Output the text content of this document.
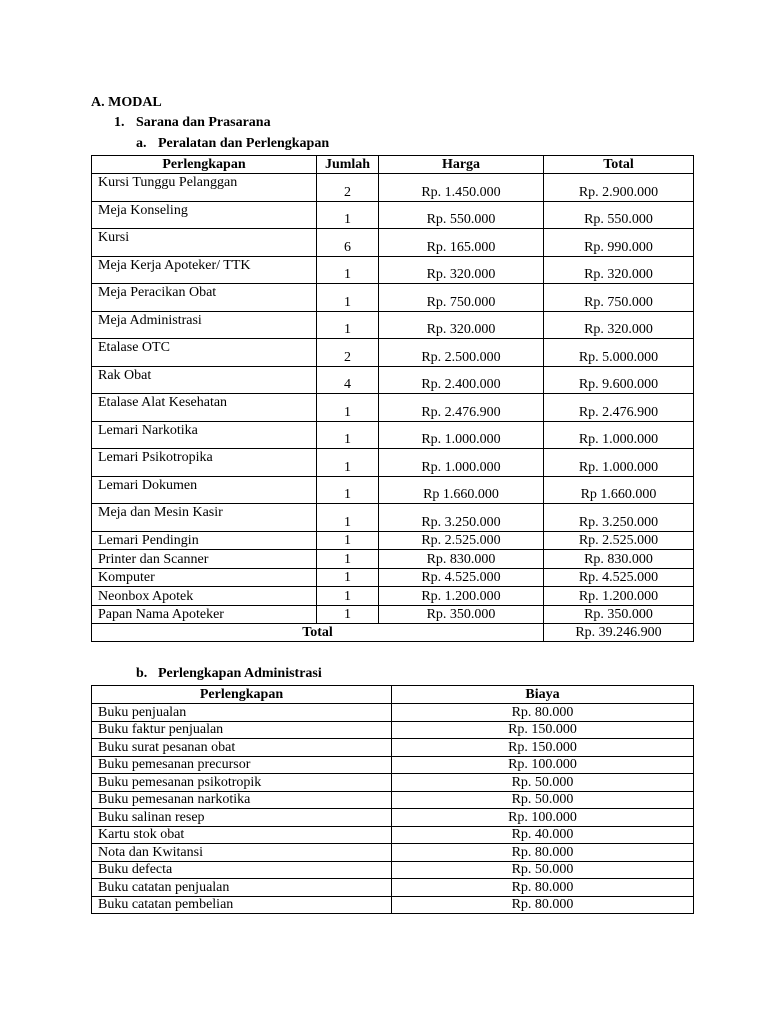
A. MODAL
1. Sarana dan Prasarana
a. Peralatan dan Perlengkapan
Perlengkapan	Jumlah	Harga	Total
Kursi Tunggu Pelanggan	2	Rp. 1.450.000	Rp. 2.900.000
Meja Konseling	1	Rp. 550.000	Rp. 550.000
Kursi	6	Rp. 165.000	Rp. 990.000
Meja Kerja Apoteker/ TTK	1	Rp. 320.000	Rp. 320.000
Meja Peracikan Obat	1	Rp. 750.000	Rp. 750.000
Meja Administrasi	1	Rp. 320.000	Rp. 320.000
Etalase OTC	2	Rp. 2.500.000	Rp. 5.000.000
Rak Obat	4	Rp. 2.400.000	Rp. 9.600.000
Etalase Alat Kesehatan	1	Rp. 2.476.900	Rp. 2.476.900
Lemari Narkotika	1	Rp. 1.000.000	Rp. 1.000.000
Lemari Psikotropika	1	Rp. 1.000.000	Rp. 1.000.000
Lemari Dokumen	1	Rp 1.660.000	Rp 1.660.000
Meja dan Mesin Kasir	1	Rp. 3.250.000	Rp. 3.250.000
Lemari Pendingin	1	Rp. 2.525.000	Rp. 2.525.000
Printer dan Scanner	1	Rp. 830.000	Rp. 830.000
Komputer	1	Rp. 4.525.000	Rp. 4.525.000
Neonbox Apotek	1	Rp. 1.200.000	Rp. 1.200.000
Papan Nama Apoteker	1	Rp. 350.000	Rp. 350.000
Total			Rp. 39.246.900
b. Perlengkapan Administrasi
Perlengkapan	Biaya
Buku penjualan	Rp. 80.000
Buku faktur penjualan	Rp. 150.000
Buku surat pesanan obat	Rp. 150.000
Buku pemesanan precursor	Rp. 100.000
Buku pemesanan psikotropik	Rp. 50.000
Buku pemesanan narkotika	Rp. 50.000
Buku salinan resep	Rp. 100.000
Kartu stok obat	Rp. 40.000
Nota dan Kwitansi	Rp. 80.000
Buku defecta	Rp. 50.000
Buku catatan penjualan	Rp. 80.000
Buku catatan pembelian	Rp. 80.000
